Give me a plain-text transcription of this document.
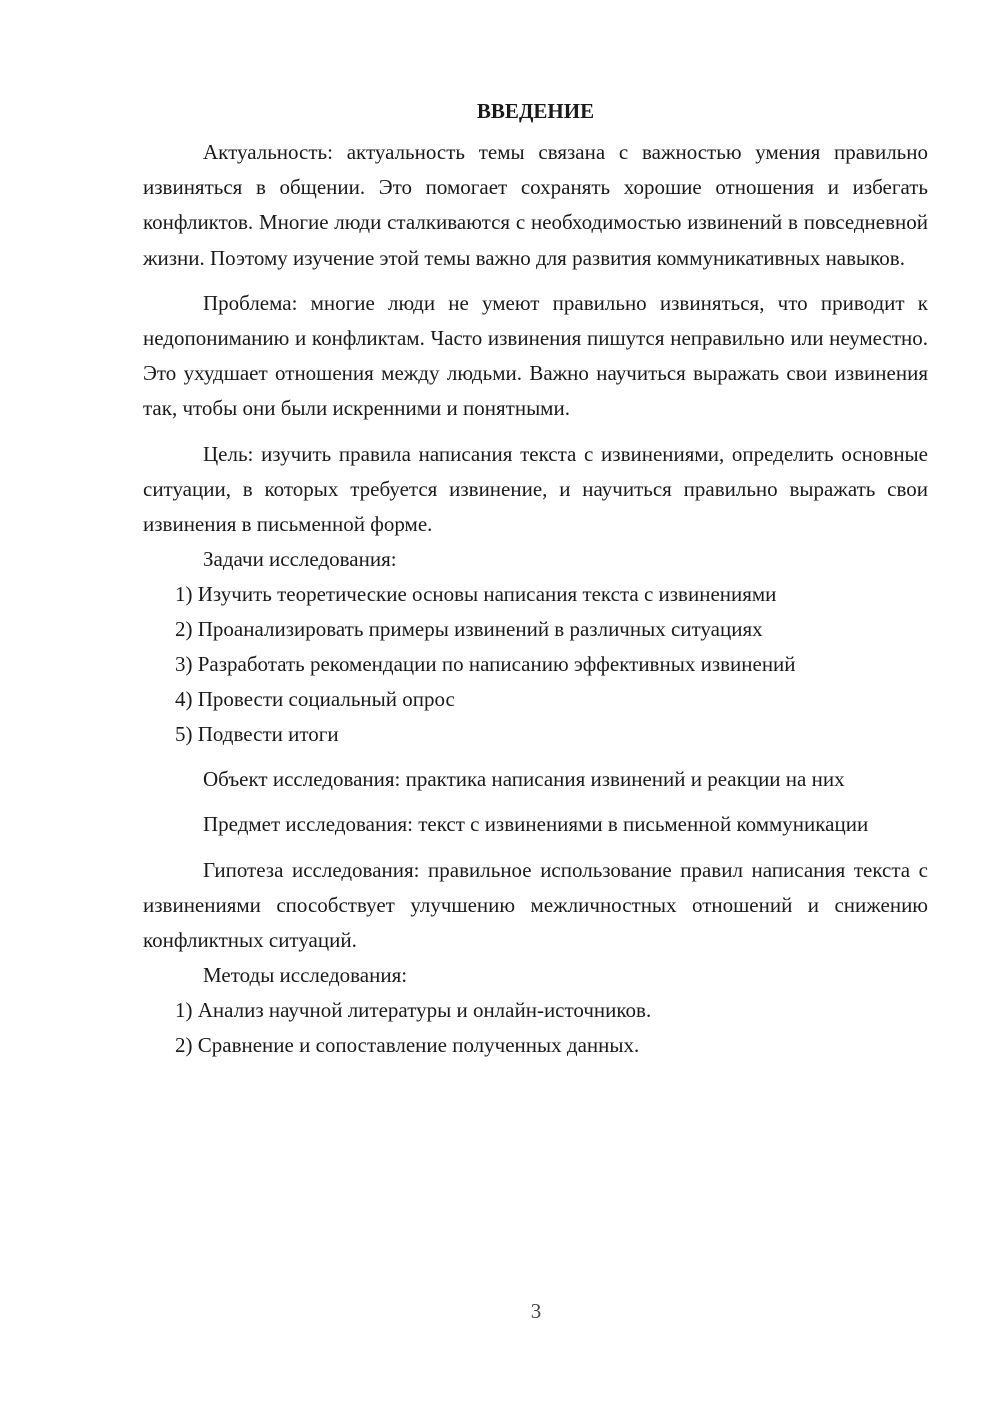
ВВЕДЕНИЕ

Актуальность: актуальность темы связана с важностью умения правильно извиняться в общении. Это помогает сохранять хорошие отношения и избегать конфликтов. Многие люди сталкиваются с необходимостью извинений в повседневной жизни. Поэтому изучение этой темы важно для развития коммуникативных навыков.

Проблема: многие люди не умеют правильно извиняться, что приводит к недопониманию и конфликтам. Часто извинения пишутся неправильно или неуместно. Это ухудшает отношения между людьми. Важно научиться выражать свои извинения так, чтобы они были искренними и понятными.

Цель: изучить правила написания текста с извинениями, определить основные ситуации, в которых требуется извинение, и научиться правильно выражать свои извинения в письменной форме.

Задачи исследования:

1) Изучить теоретические основы написания текста с извинениями

2) Проанализировать примеры извинений в различных ситуациях

3) Разработать рекомендации по написанию эффективных извинений

4) Провести социальный опрос

5) Подвести итоги

Объект исследования: практика написания извинений и реакции на них

Предмет исследования: текст с извинениями в письменной коммуникации

Гипотеза исследования: правильное использование правил написания текста с извинениями способствует улучшению межличностных отношений и снижению конфликтных ситуаций.

Методы исследования:

1) Анализ научной литературы и онлайн-источников.

2) Сравнение и сопоставление полученных данных.

3
